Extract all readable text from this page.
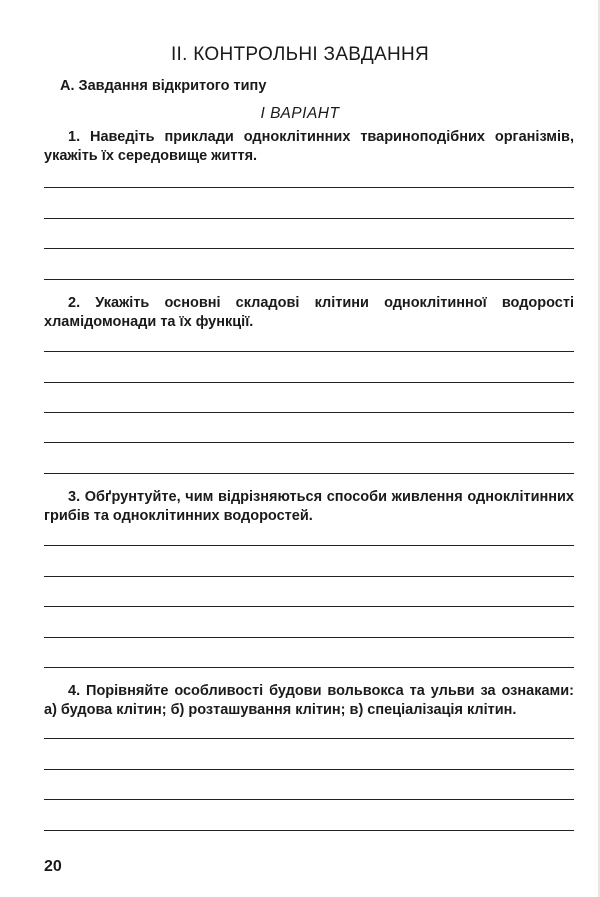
ІІ. КОНТРОЛЬНІ ЗАВДАННЯ
А. Завдання відкритого типу
І ВАРІАНТ
1. Наведіть приклади одноклітинних твариноподібних організмів, укажіть їх середовище життя.
2. Укажіть основні складові клітини одноклітинної водорості хламідомонади та їх функції.
3. Обґрунтуйте, чим відрізняються способи живлення одноклітинних грибів та одноклітинних водоростей.
4. Порівняйте особливості будови вольвокса та ульви за ознаками: а) будова клітин; б) розташування клітин; в) спеціалізація клітин.
20
